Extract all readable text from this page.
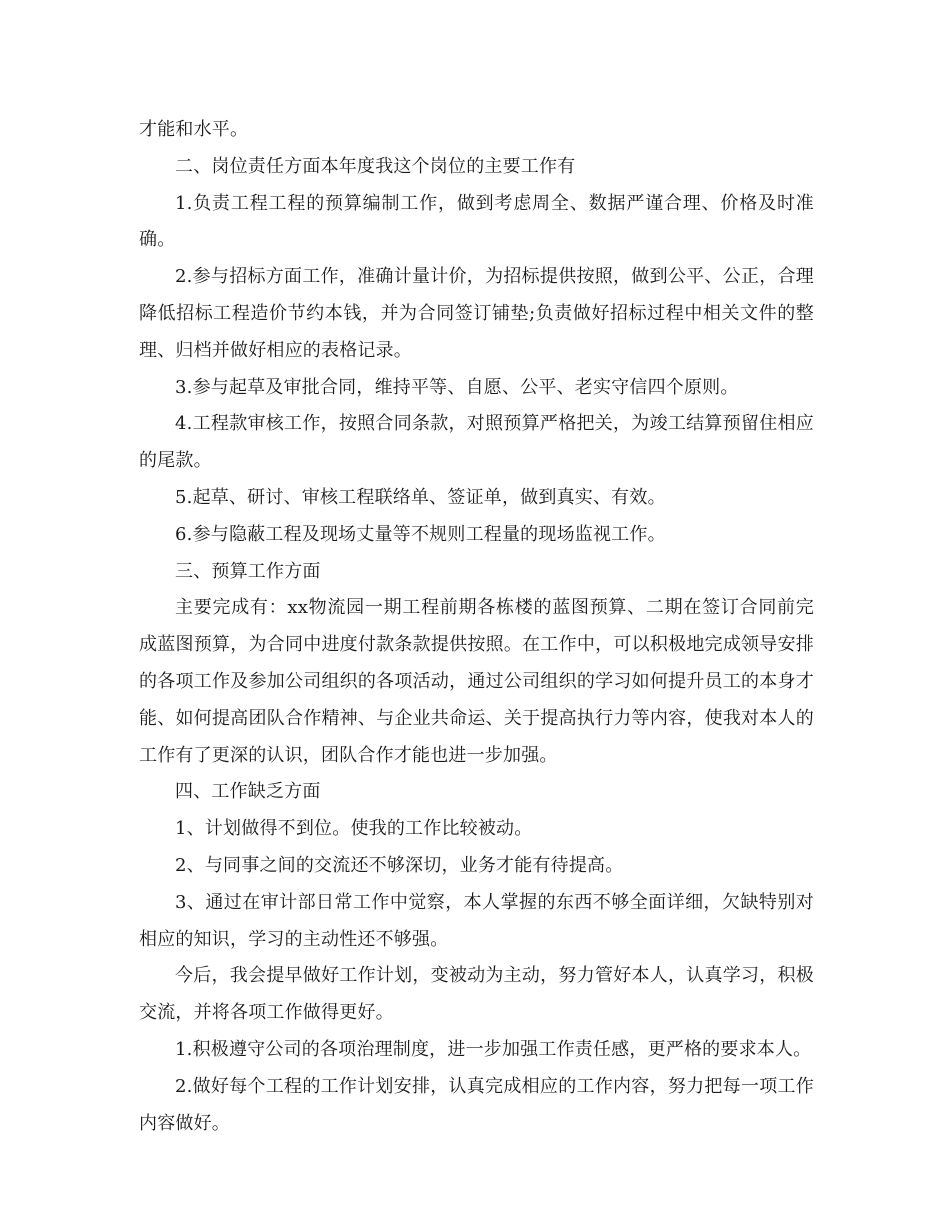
才能和水平。

二、岗位责任方面本年度我这个岗位的主要工作有

1.负责工程工程的预算编制工作，做到考虑周全、数据严谨合理、价格及时准确。

2.参与招标方面工作，准确计量计价，为招标提供按照，做到公平、公正，合理降低招标工程造价节约本钱，并为合同签订铺垫;负责做好招标过程中相关文件的整理、归档并做好相应的表格记录。

3.参与起草及审批合同，维持平等、自愿、公平、老实守信四个原则。

4.工程款审核工作，按照合同条款，对照预算严格把关，为竣工结算预留住相应的尾款。

5.起草、研讨、审核工程联络单、签证单，做到真实、有效。

6.参与隐蔽工程及现场丈量等不规则工程量的现场监视工作。

三、预算工作方面

主要完成有：xx物流园一期工程前期各栋楼的蓝图预算、二期在签订合同前完成蓝图预算，为合同中进度付款条款提供按照。在工作中，可以积极地完成领导安排的各项工作及参加公司组织的各项活动，通过公司组织的学习如何提升员工的本身才能、如何提高团队合作精神、与企业共命运、关于提高执行力等内容，使我对本人的工作有了更深的认识，团队合作才能也进一步加强。

四、工作缺乏方面

1、计划做得不到位。使我的工作比较被动。

2、与同事之间的交流还不够深切，业务才能有待提高。

3、通过在审计部日常工作中觉察，本人掌握的东西不够全面详细，欠缺特别对相应的知识，学习的主动性还不够强。

今后，我会提早做好工作计划，变被动为主动，努力管好本人，认真学习，积极交流，并将各项工作做得更好。

1.积极遵守公司的各项治理制度，进一步加强工作责任感，更严格的要求本人。

2.做好每个工程的工作计划安排，认真完成相应的工作内容，努力把每一项工作内容做好。
